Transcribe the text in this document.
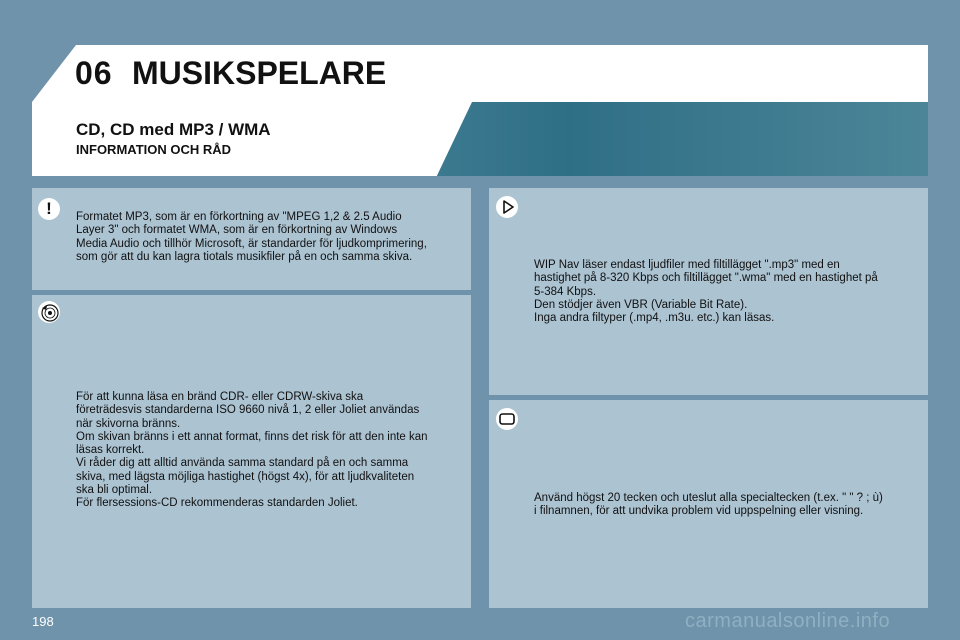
06 MUSIKSPELARE
CD, CD med MP3 / WMA
INFORMATION OCH RÅD
!	Formatet MP3, som är en förkortning av "MPEG 1,2 & 2.5 Audio
Layer 3" och formatet WMA, som är en förkortning av Windows
Media Audio och tillhör Microsoft, är standarder för ljudkomprimering,
som gör att du kan lagra tiotals musikfiler på en och samma skiva.
För att kunna läsa en bränd CDR- eller CDRW-skiva ska
företrädesvis standarderna ISO 9660 nivå 1, 2 eller Joliet användas
när skivorna bränns.
Om skivan bränns i ett annat format, finns det risk för att den inte kan
läsas korrekt.
Vi råder dig att alltid använda samma standard på en och samma
skiva, med lägsta möjliga hastighet (högst 4x), för att ljudkvaliteten
ska bli optimal.
För flersessions-CD rekommenderas standarden Joliet.
WIP Nav läser endast ljudfiler med filtillägget ".mp3" med en
hastighet på 8-320 Kbps och filtillägget ".wma" med en hastighet på
5-384 Kbps.
Den stödjer även VBR (Variable Bit Rate).
Inga andra filtyper (.mp4, .m3u. etc.) kan läsas.
Använd högst 20 tecken och uteslut alla specialtecken (t.ex. " " ? ; ù)
i filnamnen, för att undvika problem vid uppspelning eller visning.
198	carmanualsonline.info
